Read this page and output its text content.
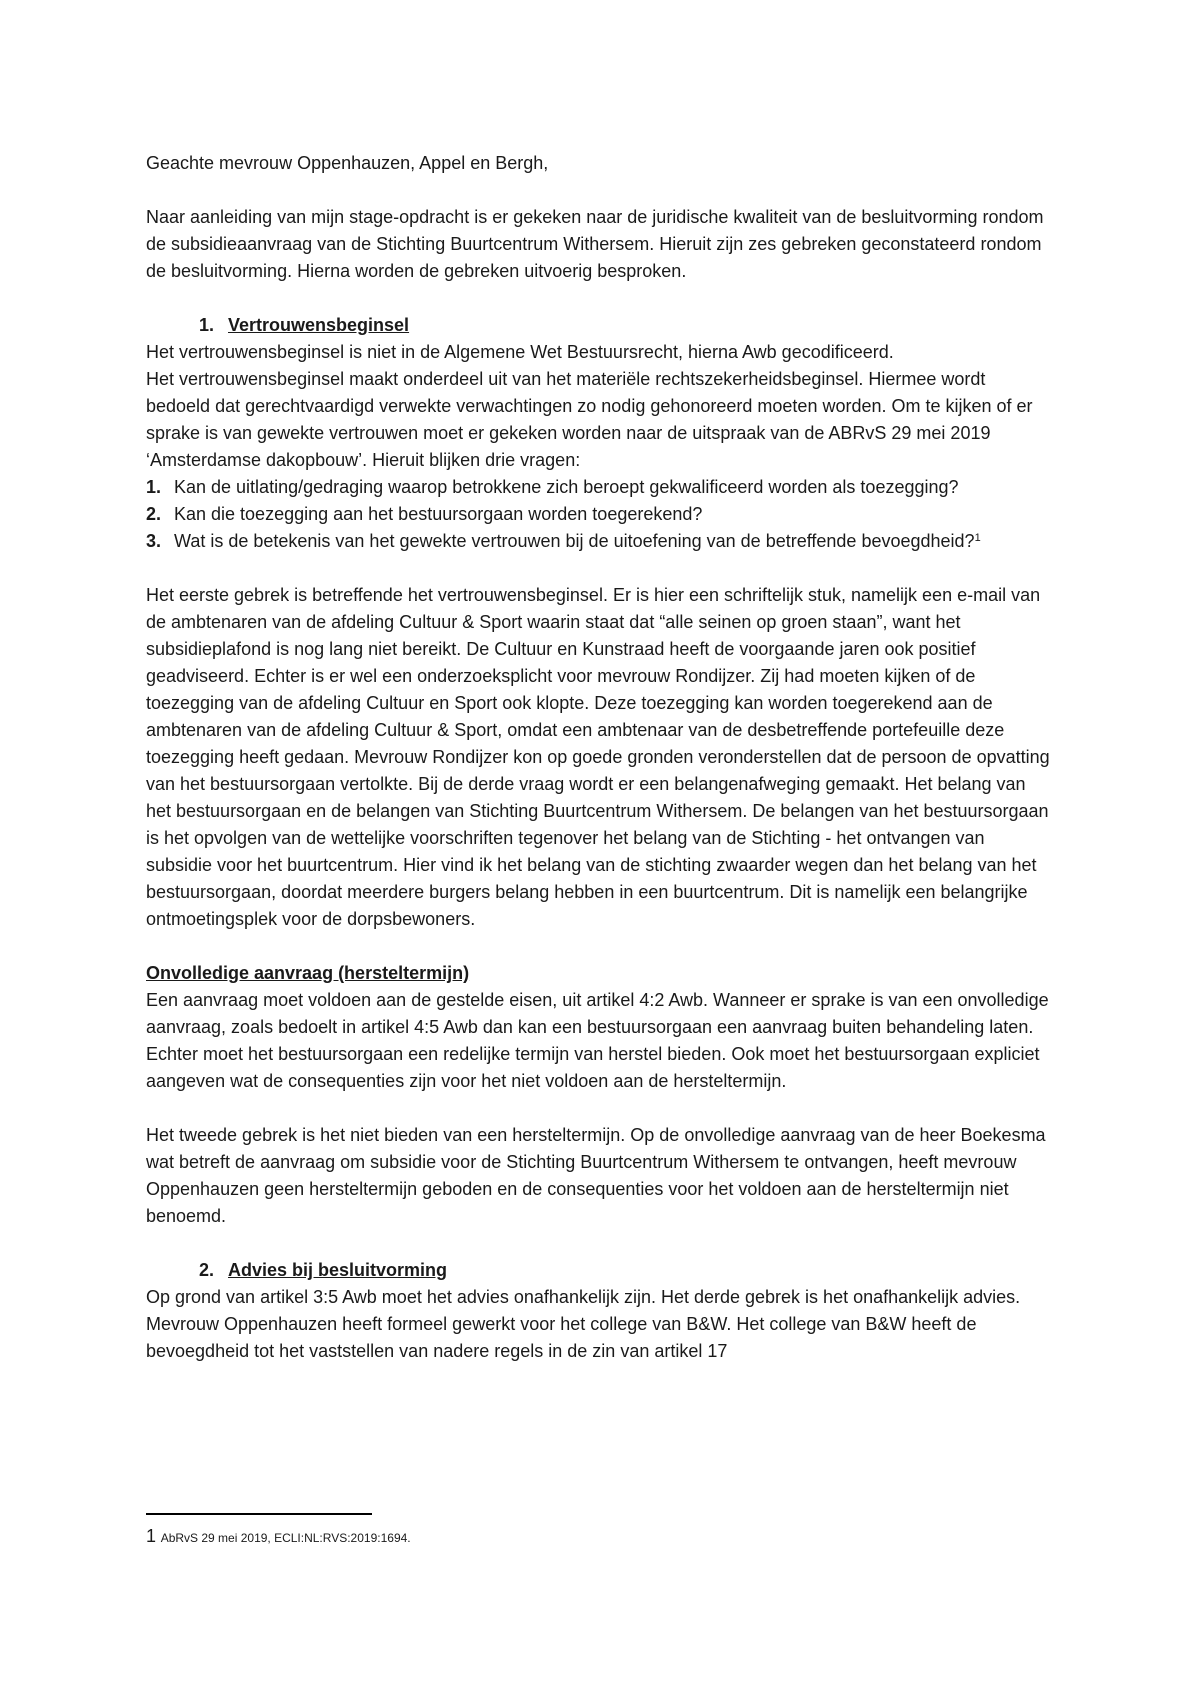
Geachte mevrouw Oppenhauzen, Appel en Bergh,

Naar aanleiding van mijn stage-opdracht is er gekeken naar de juridische kwaliteit van de besluitvorming rondom de subsidieaanvraag van de Stichting Buurtcentrum Withersem. Hieruit zijn zes gebreken geconstateerd rondom de besluitvorming. Hierna worden de gebreken uitvoerig besproken.

1. Vertrouwensbeginsel

Het vertrouwensbeginsel is niet in de Algemene Wet Bestuursrecht, hierna Awb gecodificeerd.

Het vertrouwensbeginsel maakt onderdeel uit van het materiële rechtszekerheidsbeginsel. Hiermee wordt bedoeld dat gerechtvaardigd verwekte verwachtingen zo nodig gehonoreerd moeten worden. Om te kijken of er sprake is van gewekte vertrouwen moet er gekeken worden naar de uitspraak van de ABRvS 29 mei 2019 ‘Amsterdamse dakopbouw’. Hieruit blijken drie vragen:

1. Kan de uitlating/gedraging waarop betrokkene zich beroept gekwalificeerd worden als toezegging?
2. Kan die toezegging aan het bestuursorgaan worden toegerekend?
3. Wat is de betekenis van het gewekte vertrouwen bij de uitoefening van de betreffende bevoegdheid?$^1$

Het eerste gebrek is betreffende het vertrouwensbeginsel. Er is hier een schriftelijk stuk, namelijk een e-mail van de ambtenaren van de afdeling Cultuur & Sport waarin staat dat “alle seinen op groen staan”, want het subsidieplafond is nog lang niet bereikt. De Cultuur en Kunstraad heeft de voorgaande jaren ook positief geadviseerd. Echter is er wel een onderzoeksplicht voor mevrouw Rondijzer. Zij had moeten kijken of de toezegging van de afdeling Cultuur en Sport ook klopte. Deze toezegging kan worden toegerekend aan de ambtenaren van de afdeling Cultuur & Sport, omdat een ambtenaar van de desbetreffende portefeuille deze toezegging heeft gedaan. Mevrouw Rondijzer kon op goede gronden veronderstellen dat de persoon de opvatting van het bestuursorgaan vertolkte. Bij de derde vraag wordt er een belangenafweging gemaakt. Het belang van het bestuursorgaan en de belangen van Stichting Buurtcentrum Withersem. De belangen van het bestuursorgaan is het opvolgen van de wettelijke voorschriften tegenover het belang van de Stichting - het ontvangen van subsidie voor het buurtcentrum. Hier vind ik het belang van de stichting zwaarder wegen dan het belang van het bestuursorgaan, doordat meerdere burgers belang hebben in een buurtcentrum. Dit is namelijk een belangrijke ontmoetingsplek voor de dorpsbewoners.

Onvolledige aanvraag (hersteltermijn)

Een aanvraag moet voldoen aan de gestelde eisen, uit artikel 4:2 Awb. Wanneer er sprake is van een onvolledige aanvraag, zoals bedoelt in artikel 4:5 Awb dan kan een bestuursorgaan een aanvraag buiten behandeling laten. Echter moet het bestuursorgaan een redelijke termijn van herstel bieden. Ook moet het bestuursorgaan expliciet aangeven wat de consequenties zijn voor het niet voldoen aan de hersteltermijn.

Het tweede gebrek is het niet bieden van een hersteltermijn. Op de onvolledige aanvraag van de heer Boekesma wat betreft de aanvraag om subsidie voor de Stichting Buurtcentrum Withersem te ontvangen, heeft mevrouw Oppenhauzen geen hersteltermijn geboden en de consequenties voor het voldoen aan de hersteltermijn niet benoemd.

2. Advies bij besluitvorming

Op grond van artikel 3:5 Awb moet het advies onafhankelijk zijn. Het derde gebrek is het onafhankelijk advies. Mevrouw Oppenhauzen heeft formeel gewerkt voor het college van B&W. Het college van B&W heeft de bevoegdheid tot het vaststellen van nadere regels in de zin van artikel 17

1 AbRvS 29 mei 2019, ECLI:NL:RVS:2019:1694.
